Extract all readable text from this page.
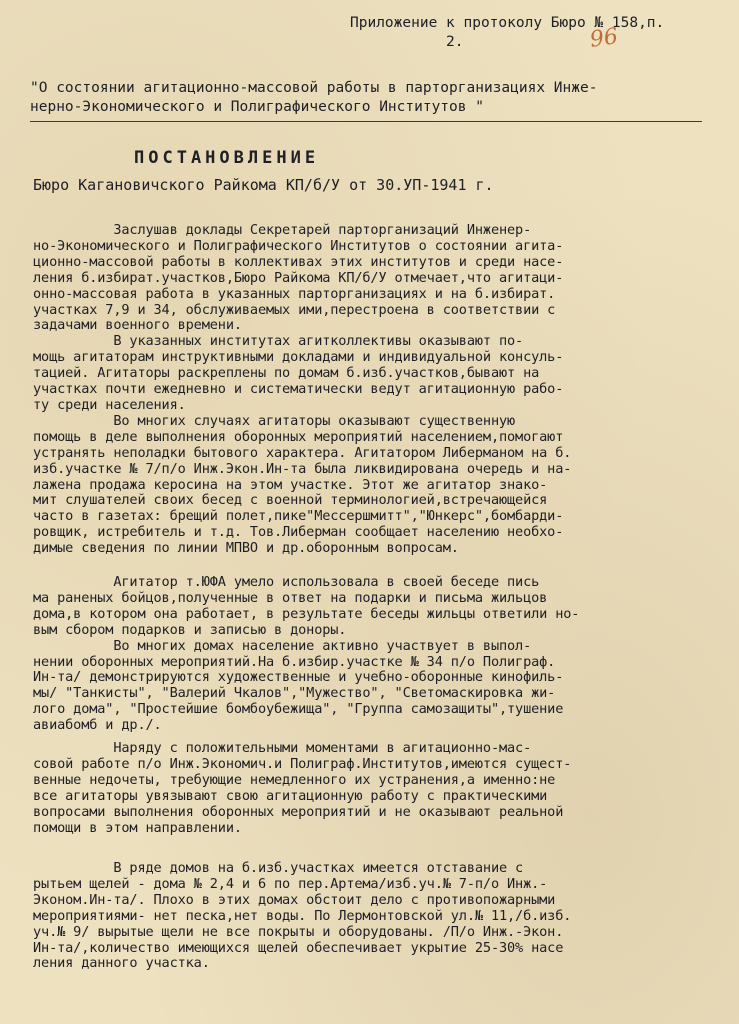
Приложение к протоколу Бюро № 158,п.
2.	96
"О состоянии агитационно-массовой работы в парторганизациях Инже-
нерно-Экономического и Полиграфического Институтов "
ПОСТАНОВЛЕНИЕ
Бюро Кагановичского Райкома КП/б/У от 30.УП-1941 г.
Заслушав доклады Секретарей парторганизаций Инженер-
но-Экономического и Полиграфического Институтов о состоянии агита-
ционно-массовой работы в коллективах этих институтов и среди насе-
ления б.избират.участков,Бюро Райкома КП/б/У отмечает,что агитаци-
онно-массовая работа в указанных парторганизациях и на б.избират.
участках 7,9 и 34, обслуживаемых ими,перестроена в соответствии с
задачами военного времени.
В указанных институтах агитколлективы оказывают по-
мощь агитаторам инструктивными докладами и индивидуальной консуль-
тацией. Агитаторы раскреплены по домам б.изб.участков,бывают на
участках почти ежедневно и систематически ведут агитационную рабо-
ту среди населения.
Во многих случаях агитаторы оказывают существенную
помощь в деле выполнения оборонных мероприятий населением,помогают
устранять неполадки бытового характера. Агитатором Либерманом на б.
изб.участке № 7/п/о Инж.Экон.Ин-та была ликвидирована очередь и на-
лажена продажа керосина на этом участке. Этот же агитатор знако-
мит слушателей своих бесед с военной терминологией,встречающейся
часто в газетах: брещий полет,пике"Мессершмитт","Юнкерс",бомбарди-
ровщик, истребитель и т.д. Тов.Либерман сообщает населению необхо-
димые сведения по линии МПВО и др.оборонным вопросам.
Агитатор т.ЮФА умело использовала в своей беседе пись
ма раненых бойцов,полученные в ответ на подарки и письма жильцов
дома,в котором она работает, в результате беседы жильцы ответили но-
вым сбором подарков и записью в доноры.
Во многих домах население активно участвует в выпол-
нении оборонных мероприятий.На б.избир.участке № 34 п/о Полиграф.
Ин-та/ демонстрируются художественные и учебно-оборонные кинофиль-
мы/ "Танкисты", "Валерий Чкалов","Мужество", "Светомаскировка жи-
лого дома", "Простейшие бомбоубежища", "Группа самозащиты",тушение
авиабомб и др./.
Наряду с положительными моментами в агитационно-мас-
совой работе п/о Инж.Экономич.и Полиграф.Институтов,имеются сущест-
венные недочеты, требующие немедленного их устранения,а именно:не
все агитаторы увязывают свою агитационную работу с практическими
вопросами выполнения оборонных мероприятий и не оказывают реальной
помощи в этом направлении.
В ряде домов на б.изб.участках имеется отставание с
рытьем щелей - дома № 2,4 и 6 по пер.Артема/изб.уч.№ 7-п/о Инж.-
Эконом.Ин-та/. Плохо в этих домах обстоит дело с противопожарными
мероприятиями- нет песка,нет воды. По Лермонтовской ул.№ 11,/б.изб.
уч.№ 9/ вырытые щели не все покрыты и оборудованы. /П/о Инж.-Экон.
Ин-та/,количество имеющихся щелей обеспечивает укрытие 25-30% насе
ления данного участка.
